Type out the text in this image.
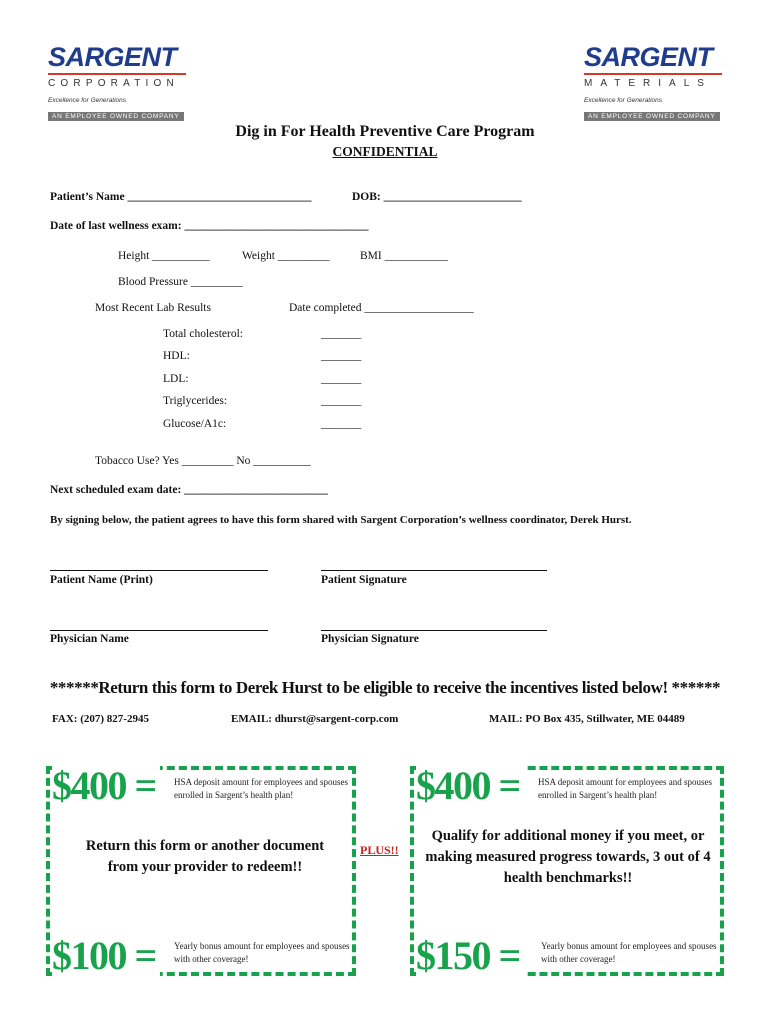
SARGENT
CORPORATION
Excellence for Generations
AN EMPLOYEE OWNED COMPANY
SARGENT
MATERIALS
Excellence for Generations
AN EMPLOYEE OWNED COMPANY
Dig in For Health Preventive Care Program
CONFIDENTIAL
Patient’s Name ________________________________	DOB: ________________________
Date of last wellness exam: ________________________________
Height __________	Weight _________	BMI ___________
Blood Pressure _________
Most Recent Lab Results	Date completed ___________________
Total cholesterol:	_______
HDL:	_______
LDL:	_______
Triglycerides:	_______
Glucose/A1c:	_______
Tobacco Use? Yes _________ No __________
Next scheduled exam date: _________________________
By signing below, the patient agrees to have this form shared with Sargent Corporation’s wellness coordinator, Derek Hurst.
Patient Name (Print)	Patient Signature
Physician Name	Physician Signature
******Return this form to Derek Hurst to be eligible to receive the incentives listed below! ******
FAX: (207) 827-2945	EMAIL: dhurst@sargent-corp.com	MAIL: PO Box 435, Stillwater, ME 04489
$400 =	HSA deposit amount for employees and spouses enrolled in Sargent’s health plan!
Return this form or another document from your provider to redeem!!
$100 =	Yearly bonus amount for employees and spouses with other coverage!
PLUS!!
$400 =	HSA deposit amount for employees and spouses enrolled in Sargent’s health plan!
Qualify for additional money if you meet, or making measured progress towards, 3 out of 4 health benchmarks!!
$150 =	Yearly bonus amount for employees and spouses with other coverage!
